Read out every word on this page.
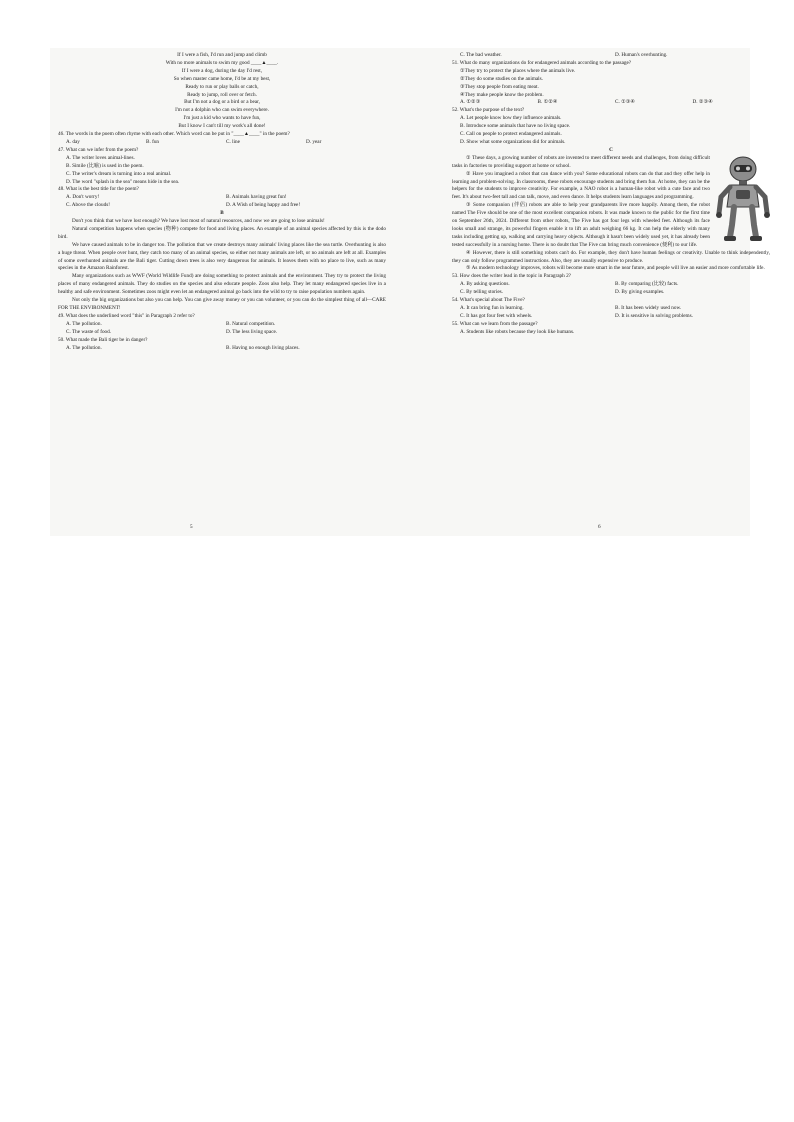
If I were a fish, I'd run and jump and climb
With no more animals to swim my good ____▲____.
If I were a dog, during the day I'd rest,
So when master came home, I'd be at my best,
Ready to run or play balls or catch,
Ready to jump, roll over or fetch.
But I'm not a dog or a bird or a bear,
I'm not a dolphin who can swim everywhere.
I'm just a kid who wants to have fun,
But I know I can't till my work's all done!

46. The words in the poem often rhyme with each other. Which word can be put in "____▲____" in the poem?

A. day	B. fun	C. line	D. year

47. What can we infer from the poem?

A. The writer loves animal-lines.
B. Simile (比喻) is used in the poem.
C. The writer's dream is turning into a real animal.
D. The word "splash in the sea" means hide in the sea.

48. What is the best title for the poem?

A. Don't worry!	B. Animals having great fun!
C. Above the clouds!	D. A Wish of being happy and free!

B

Don't you think that we have lost enough? We have lost most of natural resources, and now we are going to lose animals!

Natural competition happens when species (物种) compete for food and living places. An example of an animal species affected by this is the dodo bird.

We have caused animals to be in danger too. The pollution that we create destroys many animals' living places like the sea turtle. Overhunting is also a huge threat. When people over hunt, they catch too many of an animal species, so either not many animals are left, or no animals are left at all. Examples of some overhunted animals are the Bali tiger. Cutting down trees is also very dangerous for animals. It leaves them with no place to live, such as many species in the Amazon Rainforest.

Many organizations such as WWF (World Wildlife Fund) are doing something to protect animals and the environment. They try to protect the living places of many endangered animals. They do studies on the species and also educate people. Zoos also help. They let many endangered species live in a healthy and safe environment. Sometimes zoos might even let an endangered animal go back into the wild to try to raise population numbers again.

Not only the big organizations but also you can help. You can give away money or you can volunteer, or you can do the simplest thing of all—CARE FOR THE ENVIRONMENT!

49. What does the underlined word "this" in Paragraph 2 refer to?

A. The pollution.	B. Natural competition.
C. The waste of food.	D. The less living space.

50. What made the Bali tiger be in danger?

A. The pollution.	B. Having no enough living places.
5
C. The bad weather.	D. Human's overhunting.

51. What do many organizations do for endangered animals according to the passage?

①They try to protect the places where the animals live.
②They do some studies on the animals.
③They stop people from eating meat.
④They make people know the problem.
A. ①②③	B. ①②④	C. ①③④	D. ②③④

52. What's the purpose of the text?

A. Let people know how they influence animals.
B. Introduce some animals that have no living space.
C. Call on people to protect endangered animals.
D. Show what some organizations did for animals.

C

① These days, a growing number of robots are invented to meet different needs and challenges, from doing difficult tasks in factories to providing support at home or school.

② Have you imagined a robot that can dance with you? Some educational robots can do that and they offer help in learning and problem-solving. In classrooms, these robots encourage students and bring them fun. At home, they can be the helpers for the students to improve creativity. For example, a NAO robot is a human-like robot with a cute face and two feet. It's about two-feet tall and can talk, move, and even dance. It helps students learn languages and programming.

③ Some companion (伴侣) robots are able to help your grandparents live more happily. Among them, the robot named The Five should be one of the most excellent companion robots. It was made known to the public for the first time on September 26th, 2024. Different from other robots, The Five has got four legs with wheeled feet. Although its face looks small and strange, its powerful fingers enable it to lift an adult weighing 66 kg. It can help the elderly with many tasks including getting up, walking and carrying heavy objects. Although it hasn't been widely used yet, it has already been tested successfully in a nursing home. There is no doubt that The Five can bring much convenience (便利) to our life.

④ However, there is still something robots can't do. For example, they don't have human feelings or creativity. Unable to think independently, they can only follow programmed instructions. Also, they are usually expensive to produce.

⑤ As modern technology improves, robots will become more smart in the near future, and people will live an easier and more comfortable life.

53. How does the writer lead in the topic in Paragraph 2?

A. By asking questions.	B. By comparing (比较) facts.
C. By telling stories.	D. By giving examples.

54. What's special about The Five?

A. It can bring fun in learning.	B. It has been widely used now.
C. It has got four feet with wheels.	D. It is sensitive in solving problems.

55. What can we learn from the passage?

A. Students like robots because they look like humans.
6
